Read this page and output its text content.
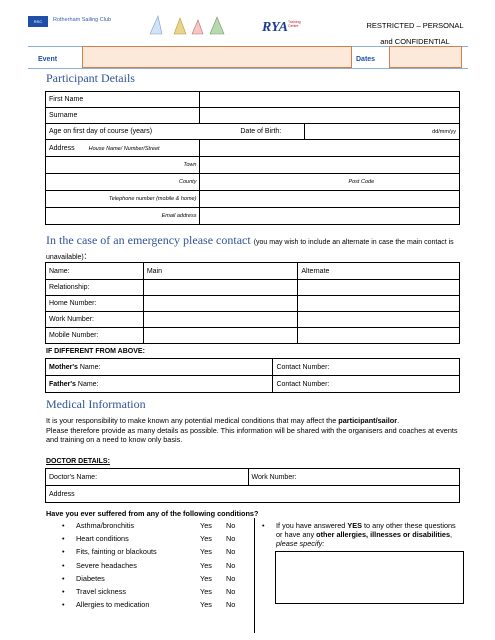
RSC	Rotherham Sailing Club	RYA Training
Centre	RESTRICTED – PERSONAL
and CONFIDENTIAL
Event	Dates
Participant Details
First Name		
Surname		
Age on first day of course (years) Date of Birth:		dd/mm/yy
Address House Name/ Number/Street		
Town		
County	Post Code	
Telephone number (mobile & home)		
Email address		
In the case of an emergency please contact (you may wish to include an alternate in case the main contact is unavailable):
Name:	Main	Alternate
Relationship:		
Home Number:		
Work Number:		
Mobile Number:		
IF DIFFERENT FROM ABOVE:
Mother's Name:	Contact Number:
Father's Name:	Contact Number:
Medical Information
It is your responsibility to make known any potential medical conditions that may affect the participant/sailor.
Please therefore provide as many details as possible. This information will be shared with the organisers and coaches at events and training on a need to know only basis.
DOCTOR DETAILS:
Doctor's Name:	Work Number:
Address
Have you ever suffered from any of the following conditions?
•	Asthma/bronchitis	Yes	No
•	Heart conditions	Yes	No
•	Fits, fainting or blackouts	Yes	No
•	Severe headaches	Yes	No
•	Diabetes	Yes	No
•	Travel sickness	Yes	No
•	Allergies to medication	Yes	No
•	If you have answered YES to any other these questions or have any other allergies, illnesses or disabilities, please specify:
